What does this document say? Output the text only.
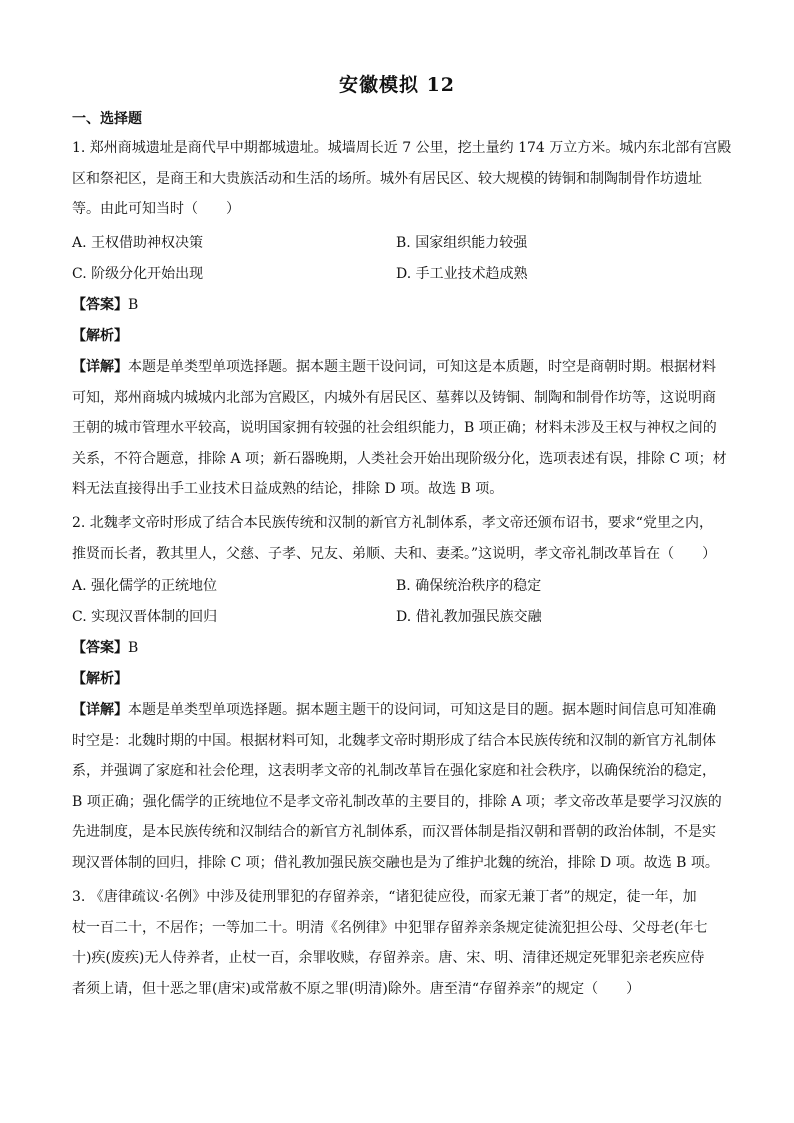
安徽模拟 12
一、选择题

1. 郑州商城遗址是商代早中期都城遗址。城墙周长近 7 公里，挖土量约 174 万立方米。城内东北部有宫殿

区和祭祀区，是商王和大贵族活动和生活的场所。城外有居民区、较大规模的铸铜和制陶制骨作坊遗址

等。由此可知当时（　　）

A. 王权借助神权决策	B. 国家组织能力较强
C. 阶级分化开始出现	D. 手工业技术趋成熟
【答案】B
【解析】

【详解】本题是单类型单项选择题。据本题主题干设问词，可知这是本质题，时空是商朝时期。根据材料

可知，郑州商城内城城内北部为宫殿区，内城外有居民区、墓葬以及铸铜、制陶和制骨作坊等，这说明商

王朝的城市管理水平较高，说明国家拥有较强的社会组织能力，B 项正确；材料未涉及王权与神权之间的

关系，不符合题意，排除 A 项；新石器晚期，人类社会开始出现阶级分化，选项表述有误，排除 C 项；材

料无法直接得出手工业技术日益成熟的结论，排除 D 项。故选 B 项。

2. 北魏孝文帝时形成了结合本民族传统和汉制的新官方礼制体系，孝文帝还颁布诏书，要求“党里之内，

推贤而长者，教其里人，父慈、子孝、兄友、弟顺、夫和、妻柔。”这说明，孝文帝礼制改革旨在（　　）

A. 强化儒学的正统地位	B. 确保统治秩序的稳定
C. 实现汉晋体制的回归	D. 借礼教加强民族交融
【答案】B
【解析】

【详解】本题是单类型单项选择题。据本题主题干的设问词，可知这是目的题。据本题时间信息可知准确

时空是：北魏时期的中国。根据材料可知，北魏孝文帝时期形成了结合本民族传统和汉制的新官方礼制体

系，并强调了家庭和社会伦理，这表明孝文帝的礼制改革旨在强化家庭和社会秩序，以确保统治的稳定，

B 项正确；强化儒学的正统地位不是孝文帝礼制改革的主要目的，排除 A 项；孝文帝改革是要学习汉族的

先进制度，是本民族传统和汉制结合的新官方礼制体系，而汉晋体制是指汉朝和晋朝的政治体制，不是实

现汉晋体制的回归，排除 C 项；借礼教加强民族交融也是为了维护北魏的统治，排除 D 项。故选 B 项。

3. 《唐律疏议·名例》中涉及徒刑罪犯的存留养亲，“诸犯徒应役，而家无兼丁者”的规定，徒一年，加

杖一百二十，不居作；一等加二十。明清《名例律》中犯罪存留养亲条规定徒流犯担公母、父母老(年七

十)疾(废疾)无人侍养者，止杖一百，余罪收赎，存留养亲。唐、宋、明、清律还规定死罪犯亲老疾应侍

者须上请，但十恶之罪(唐宋)或常赦不原之罪(明清)除外。唐至清“存留养亲”的规定（　　）
